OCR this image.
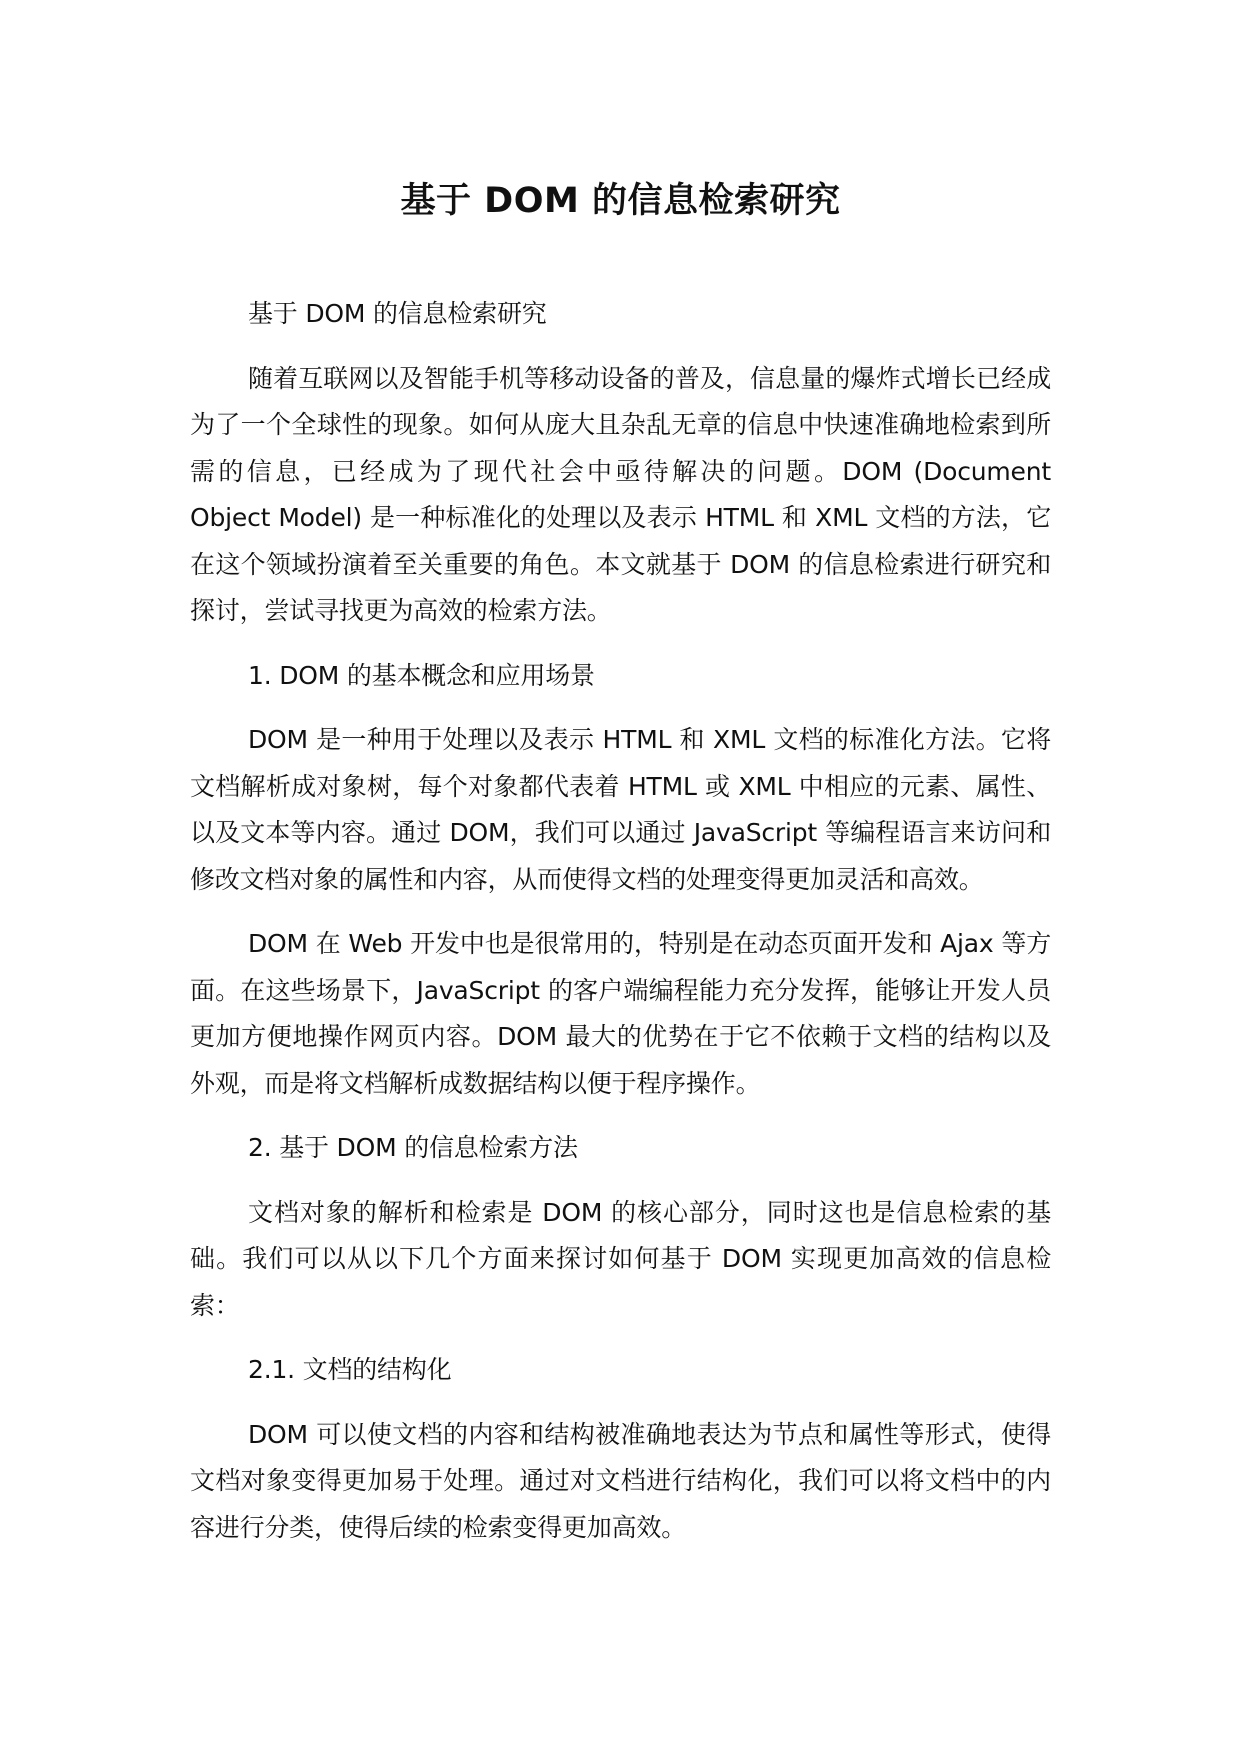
基于 DOM 的信息检索研究

基于 DOM 的信息检索研究

随着互联网以及智能手机等移动设备的普及，信息量的爆炸式增长已经成为了一个全球性的现象。如何从庞大且杂乱无章的信息中快速准确地检索到所需的信息，已经成为了现代社会中亟待解决的问题。DOM (Document Object Model) 是一种标准化的处理以及表示 HTML 和 XML 文档的方法，它在这个领域扮演着至关重要的角色。本文就基于 DOM 的信息检索进行研究和探讨，尝试寻找更为高效的检索方法。

1. DOM 的基本概念和应用场景

DOM 是一种用于处理以及表示 HTML 和 XML 文档的标准化方法。它将文档解析成对象树，每个对象都代表着 HTML 或 XML 中相应的元素、属性、以及文本等内容。通过 DOM，我们可以通过 JavaScript 等编程语言来访问和修改文档对象的属性和内容，从而使得文档的处理变得更加灵活和高效。

DOM 在 Web 开发中也是很常用的，特别是在动态页面开发和 Ajax 等方面。在这些场景下，JavaScript 的客户端编程能力充分发挥，能够让开发人员更加方便地操作网页内容。DOM 最大的优势在于它不依赖于文档的结构以及外观，而是将文档解析成数据结构以便于程序操作。

2. 基于 DOM 的信息检索方法

文档对象的解析和检索是 DOM 的核心部分，同时这也是信息检索的基础。我们可以从以下几个方面来探讨如何基于 DOM 实现更加高效的信息检索：

2.1. 文档的结构化

DOM 可以使文档的内容和结构被准确地表达为节点和属性等形式，使得文档对象变得更加易于处理。通过对文档进行结构化，我们可以将文档中的内容进行分类，使得后续的检索变得更加高效。
